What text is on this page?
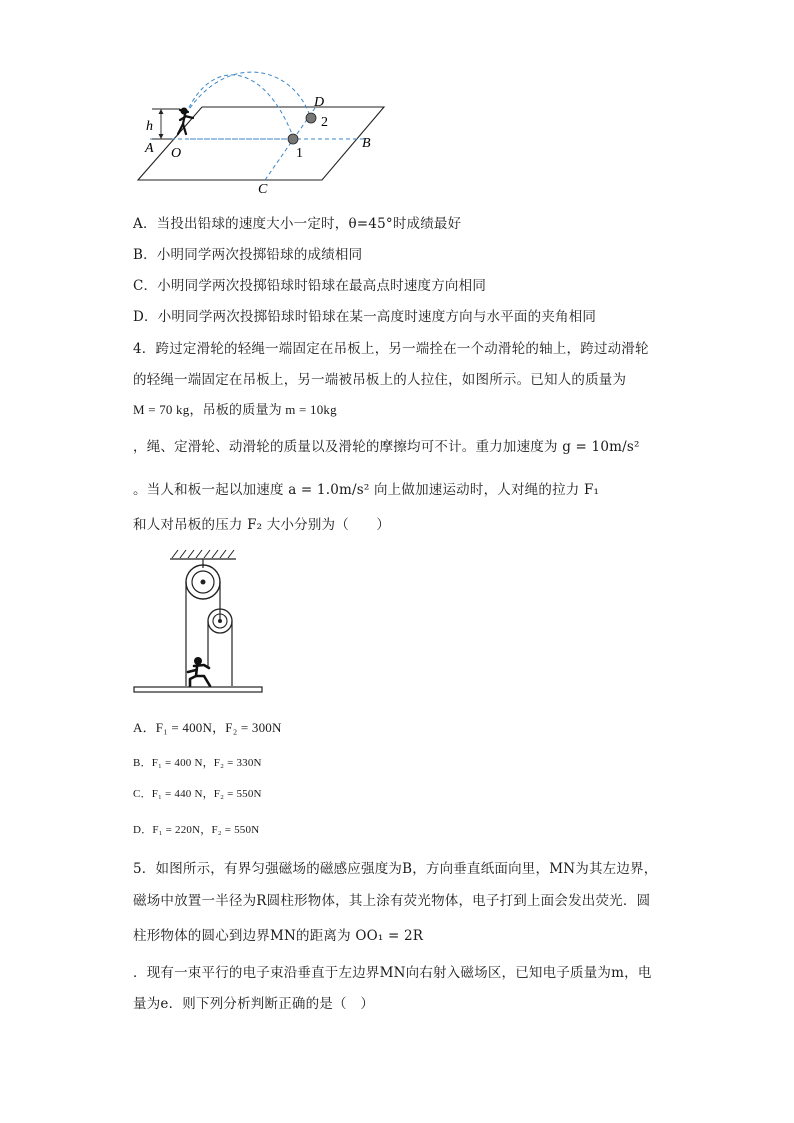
h
A O
D
2
1
B
C
A．当投出铅球的速度大小一定时，θ=45°时成绩最好
B．小明同学两次投掷铅球的成绩相同
C．小明同学两次投掷铅球时铅球在最高点时速度方向相同
D．小明同学两次投掷铅球时铅球在某一高度时速度方向与水平面的夹角相同
4．跨过定滑轮的轻绳一端固定在吊板上，另一端拴在一个动滑轮的轴上，跨过动滑轮
的轻绳一端固定在吊板上，另一端被吊板上的人拉住，如图所示。已知人的质量为
M = 70 kg，吊板的质量为 m = 10kg
，绳、定滑轮、动滑轮的质量以及滑轮的摩擦均可不计。重力加速度为 g = 10m/s²
。当人和板一起以加速度 a = 1.0m/s² 向上做加速运动时，人对绳的拉力 F₁
和人对吊板的压力 F₂ 大小分别为（　　）
A．F₁ = 400N，F₂ = 300N
B．F₁ = 400 N，F₂ = 330N
C．F₁ = 440 N，F₂ = 550N
D．F₁ = 220N，F₂ = 550N
5．如图所示，有界匀强磁场的磁感应强度为B，方向垂直纸面向里，MN为其左边界，
磁场中放置一半径为R圆柱形物体，其上涂有荧光物体，电子打到上面会发出荧光．圆
柱形物体的圆心到边界MN的距离为 OO₁ = 2R
．现有一束平行的电子束沿垂直于左边界MN向右射入磁场区，已知电子质量为m，电
量为e．则下列分析判断正确的是（　）
